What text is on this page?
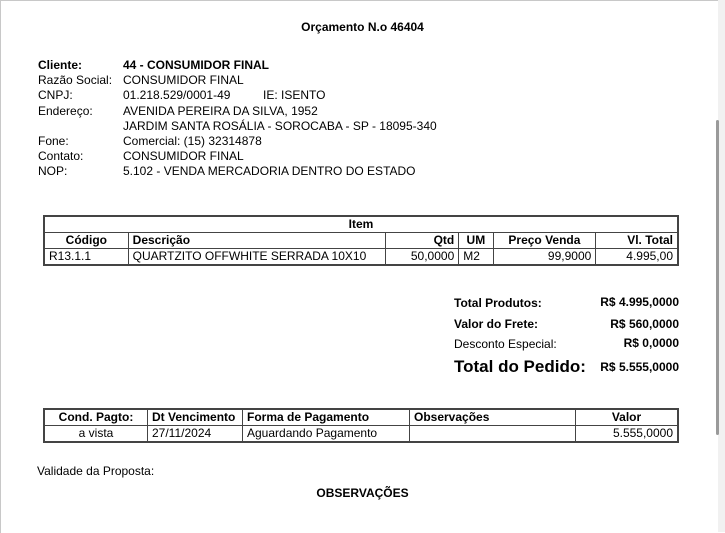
Orçamento N.o 46404
Cliente:	44 - CONSUMIDOR FINAL
Razão Social: CONSUMIDOR FINAL
CNPJ:	01.218.529/0001-49	IE: ISENTO
Endereço:	AVENIDA PEREIRA DA SILVA, 1952
JARDIM SANTA ROSÁLIA - SOROCABA - SP - 18095-340
Fone:	Comercial: (15) 32314878
Contato:	CONSUMIDOR FINAL
NOP:	5.102 - VENDA MERCADORIA DENTRO DO ESTADO
Item					
Código	Descrição	Qtd	UM	Preço Venda	Vl. Total
R13.1.1	QUARTZITO OFFWHITE SERRADA 10X10	50,0000	M2	99,9000	4.995,00
Total Produtos:	R$ 4.995,0000
Valor do Frete:	R$ 560,0000
Desconto Especial:	R$ 0,0000
Total do Pedido: R$ 5.555,0000
Cond. Pagto:	Dt Vencimento	Forma de Pagamento	Observações	Valor
a vista	27/11/2024	Aguardando Pagamento		5.555,0000
Validade da Proposta:
OBSERVAÇÕES
